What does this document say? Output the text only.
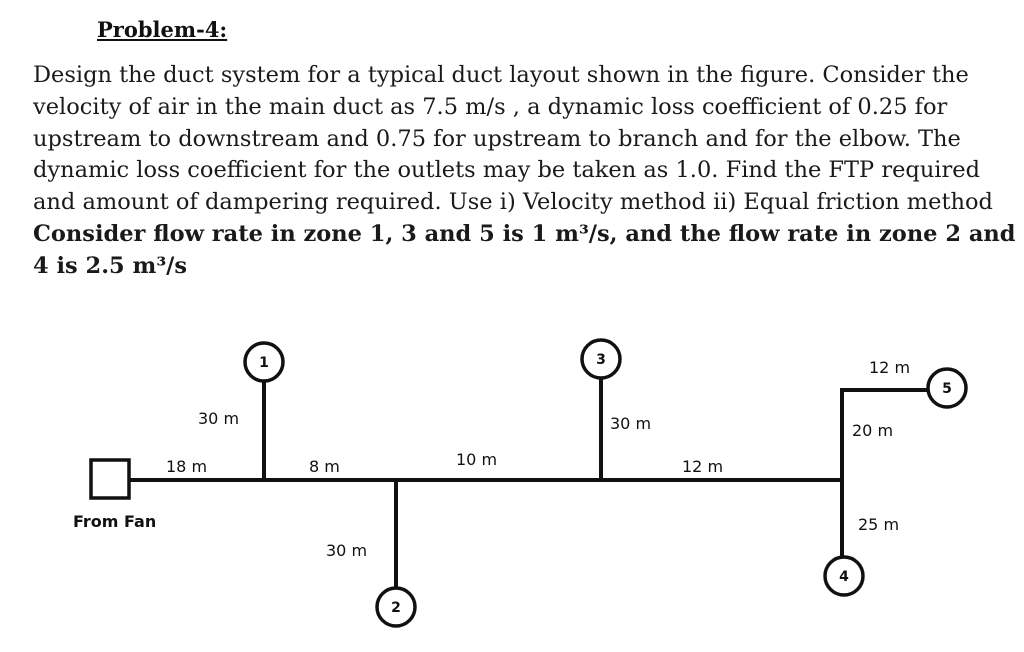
Problem-4:
Design the duct system for a typical duct layout shown in the figure. Consider the
velocity of air in the main duct as 7.5 m/s , a dynamic loss coefficient of 0.25 for
upstream to downstream and 0.75 for upstream to branch and for the elbow. The
dynamic loss coefficient for the outlets may be taken as 1.0. Find the FTP required
and amount of dampering required. Use i) Velocity method ii) Equal friction method
Consider flow rate in zone 1, 3 and 5 is 1 m³/s, and the flow rate in zone 2 and
4 is 2.5 m³/s
From Fan
1
2
3
5
4
18 m
30 m
8 m
30 m
10 m
30 m
12 m
12 m
20 m
25 m
